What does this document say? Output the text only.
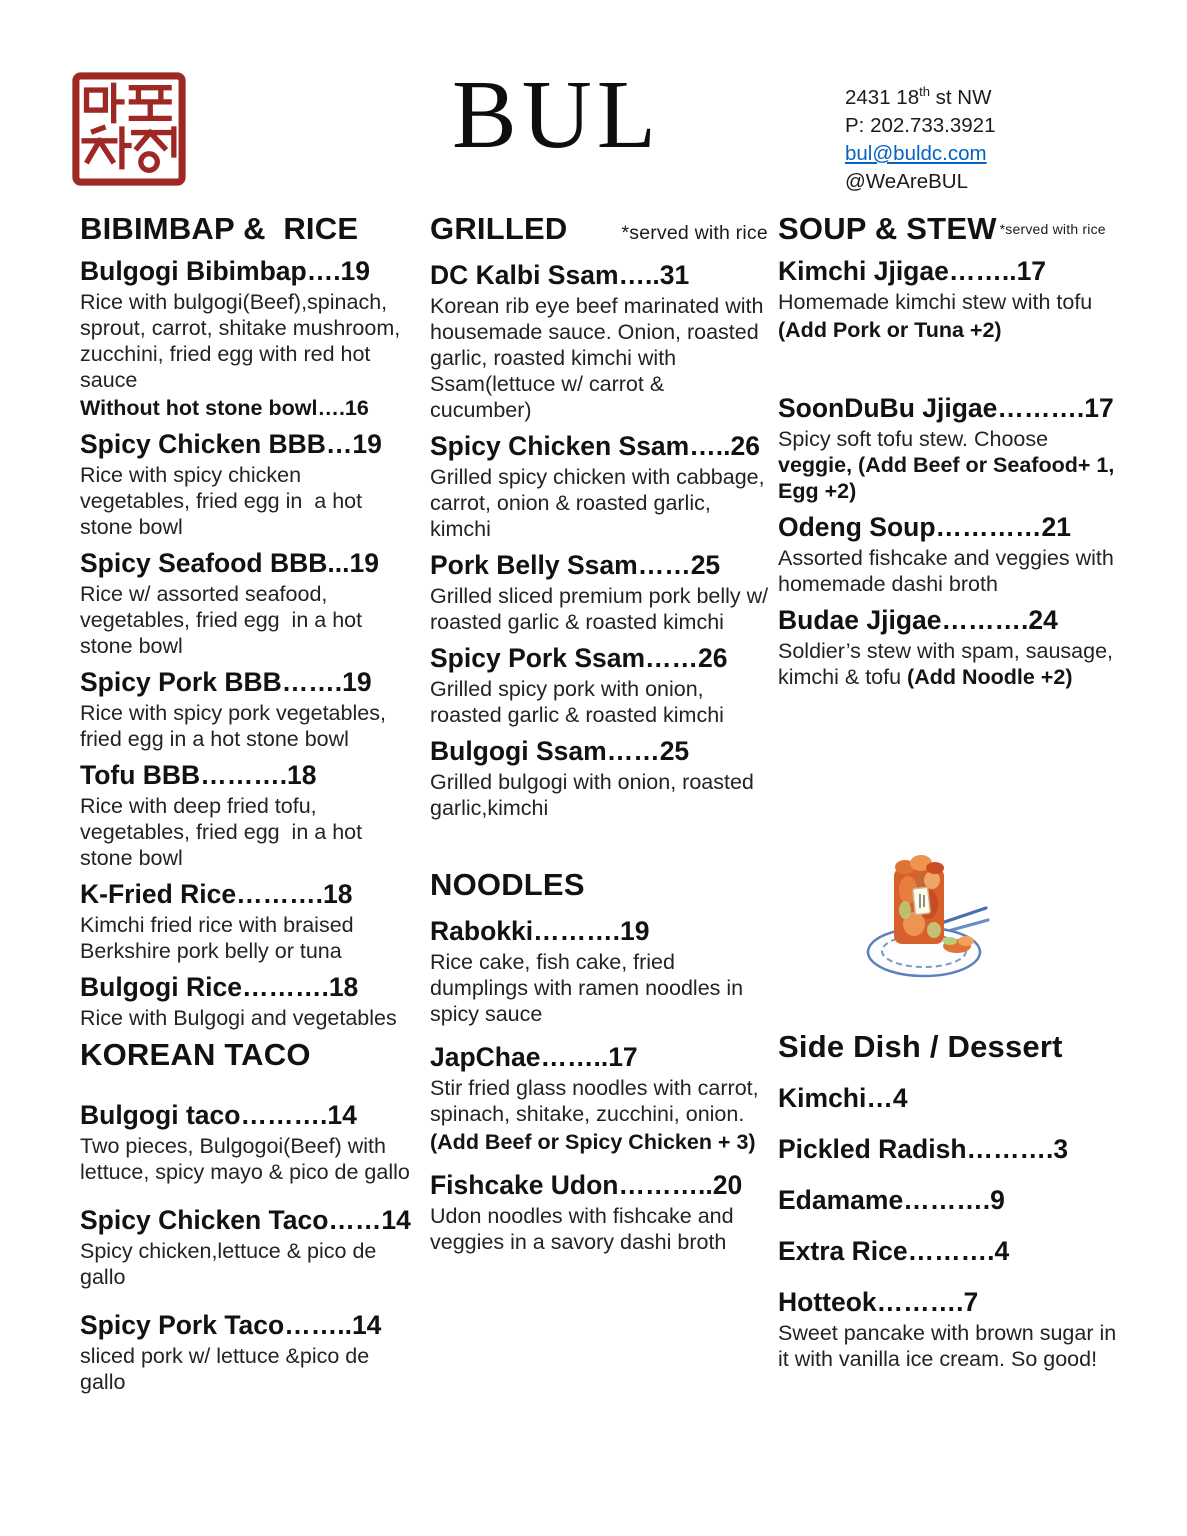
BUL	2431 18th st NW
P: 202.733.3921
bul@buldc.com
@WeAreBUL
BIBIMBAP &  RICE
Bulgogi Bibimbap….19

Rice with bulgogi(Beef),spinach, sprout, carrot, shitake mushroom, zucchini, fried egg with red hot sauce

Without hot stone bowl….16

Spicy Chicken BBB…19

Rice with spicy chicken  vegetables, fried egg in  a hot stone bowl

Spicy Seafood BBB...19

Rice w/ assorted seafood, vegetables, fried egg  in a hot stone bowl

Spicy Pork BBB…….19

Rice with spicy pork vegetables, fried egg in a hot stone bowl

Tofu BBB……….18

Rice with deep fried tofu, vegetables, fried egg  in a hot stone bowl

K-Fried Rice……….18

Kimchi fried rice with braised Berkshire pork belly or tuna

Bulgogi Rice……….18

Rice with Bulgogi and vegetables

KOREAN TACO
Bulgogi taco……….14

Two pieces, Bulgogoi(Beef) with lettuce, spicy mayo & pico de gallo

Spicy Chicken Taco……14

Spicy chicken,lettuce & pico de gallo

Spicy Pork Taco……..14

sliced pork w/ lettuce &pico de gallo

GRILLED	*served with rice
DC Kalbi Ssam…..31

Korean rib eye beef marinated with housemade sauce. Onion, roasted garlic, roasted kimchi with Ssam(lettuce w/ carrot & cucumber)

Spicy Chicken Ssam…..26

Grilled spicy chicken with cabbage, carrot, onion & roasted garlic, kimchi

Pork Belly Ssam……25

Grilled sliced premium pork belly w/ roasted garlic & roasted kimchi

Spicy Pork Ssam……26

Grilled spicy pork with onion, roasted garlic & roasted kimchi

Bulgogi Ssam……25

Grilled bulgogi with onion, roasted garlic,kimchi

NOODLES
Rabokki……….19

Rice cake, fish cake, fried dumplings with ramen noodles in spicy sauce

JapChae……..17

Stir fried glass noodles with carrot, spinach, shitake, zucchini, onion.

(Add Beef or Spicy Chicken + 3)

Fishcake Udon………..20

Udon noodles with fishcake and veggies in a savory dashi broth

SOUP & STEW *served with rice
Kimchi Jjigae……..17

Homemade kimchi stew with tofu

(Add Pork or Tuna +2)

SoonDuBu Jjigae……….17

Spicy soft tofu stew. Choose veggie, (Add Beef or Seafood+ 1,  Egg +2)

Odeng Soup…………21

Assorted fishcake and veggies with homemade dashi broth

Budae Jjigae……….24

Soldier’s stew with spam, sausage, kimchi & tofu (Add Noodle +2)

Side Dish / Dessert
Kimchi…4
Pickled Radish……….3
Edamame……….9
Extra Rice……….4
Hotteok……….7

Sweet pancake with brown sugar in it with vanilla ice cream. So good!
